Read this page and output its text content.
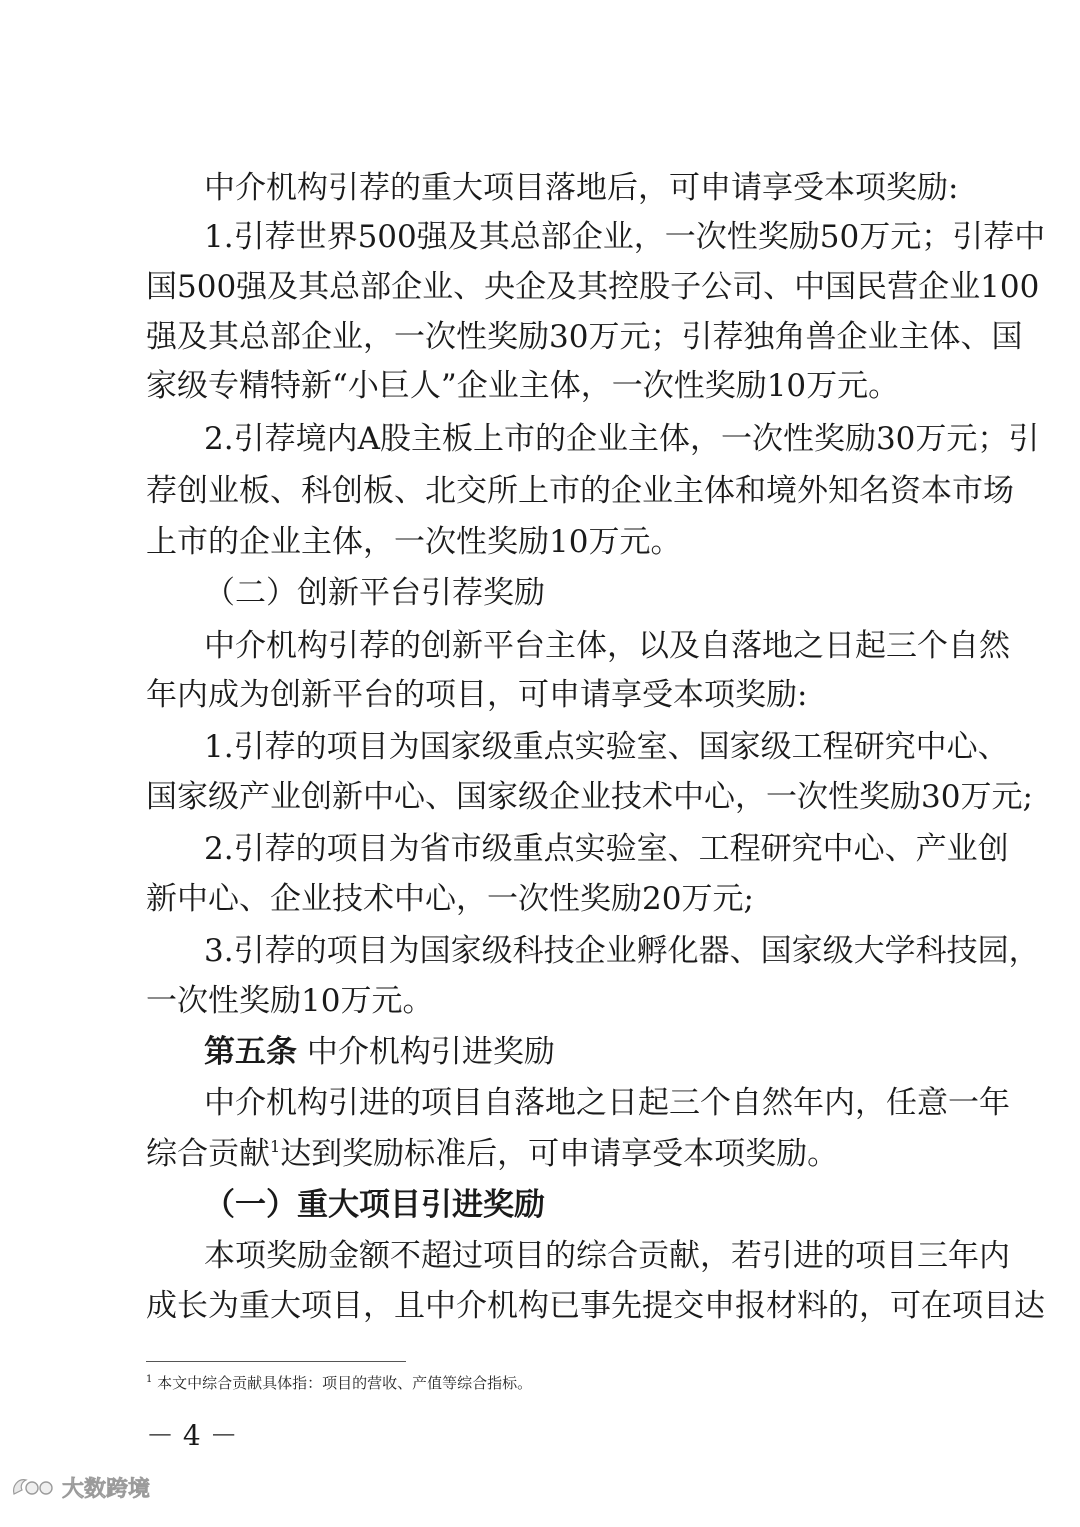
中介机构引荐的重大项目落地后，可申请享受本项奖励:
1.引荐世界500强及其总部企业，一次性奖励50万元；引荐中
国500强及其总部企业、央企及其控股子公司、中国民营企业100
强及其总部企业，一次性奖励30万元；引荐独角兽企业主体、国
家级专精特新“小巨人”企业主体，一次性奖励10万元。
2.引荐境内A股主板上市的企业主体，一次性奖励30万元；引
荐创业板、科创板、北交所上市的企业主体和境外知名资本市场
上市的企业主体，一次性奖励10万元。
（二）创新平台引荐奖励
中介机构引荐的创新平台主体，以及自落地之日起三个自然
年内成为创新平台的项目，可申请享受本项奖励:
1.引荐的项目为国家级重点实验室、国家级工程研究中心、
国家级产业创新中心、国家级企业技术中心，一次性奖励30万元;
2.引荐的项目为省市级重点实验室、工程研究中心、产业创
新中心、企业技术中心，一次性奖励20万元;
3.引荐的项目为国家级科技企业孵化器、国家级大学科技园，
一次性奖励10万元。
第五条 中介机构引进奖励
中介机构引进的项目自落地之日起三个自然年内，任意一年
综合贡献$^1$达到奖励标准后，可申请享受本项奖励。
（一）重大项目引进奖励
本项奖励金额不超过项目的综合贡献，若引进的项目三年内
成长为重大项目，且中介机构已事先提交申报材料的，可在项目达
$^1$ 本文中综合贡献具体指：项目的营收、产值等综合指标。
－ 4 －
大数跨境
